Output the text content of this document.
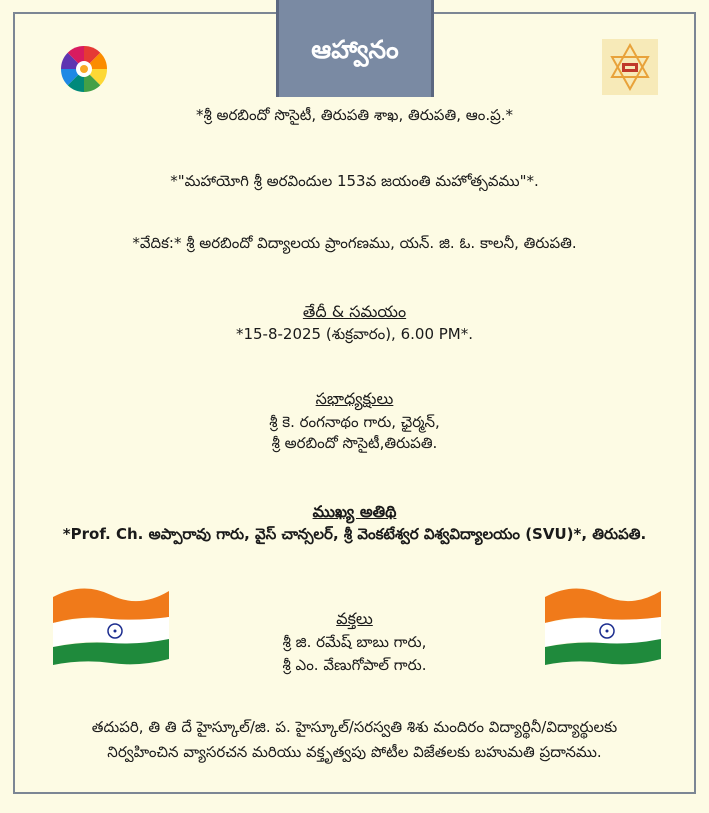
ఆహ్వానం
*శ్రీ అరబిందో సొసైటీ, తిరుపతి శాఖ, తిరుపతి, ఆం.ప్ర.*
*"మహాయోగి శ్రీ అరవిందుల 153వ జయంతి మహోత్సవము"*.
*వేదిక:* శ్రీ అరబిందో విద్యాలయ ప్రాంగణము, యన్. జి. ఓ. కాలనీ, తిరుపతి.
తేదీ & సమయం
*15-8-2025 (శుక్రవారం), 6.00 PM*.
సభాధ్యక్షులు
శ్రీ కె. రంగనాథం గారు, ఛైర్మన్,
శ్రీ అరబిందో సొసైటీ,తిరుపతి.
ముఖ్య అతిథి
*Prof. Ch. అప్పారావు గారు, వైస్ చాన్సలర్, శ్రీ వెంకటేశ్వర విశ్వవిద్యాలయం (SVU)*, తిరుపతి.
వక్తలు
శ్రీ జి. రమేష్ బాబు గారు,
శ్రీ ఎం. వేణుగోపాల్ గారు.
తదుపరి, తి తి దే హైస్కూల్/జి. ప. హైస్కూల్/సరస్వతి శిశు మందిరం విద్యార్థినీ/విద్యార్థులకు
నిర్వహించిన వ్యాసరచన మరియు వక్తృత్వపు పోటీల విజేతలకు బహుమతి ప్రదానము.
